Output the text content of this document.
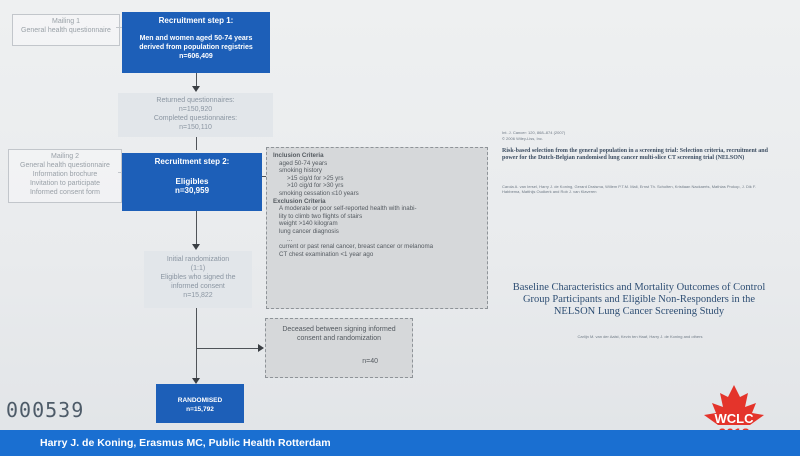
Mailing 1
General health questionnaire
Recruitment step 1:
Men and women aged 50-74 years
derived from population registries
n=606,409
Returned questionnaires:
n=150,920
Completed questionnaires:
n=150,110
Mailing 2
General health questionnaire
Information brochure
Invitation to participate
Informed consent form
Recruitment step 2:
Eligibles
n=30,959
Inclusion Criteria
aged 50-74 years
smoking history
>15 cig/d for >25 yrs
>10 cig/d for >30 yrs
smoking cessation ≤10 years
Exclusion Criteria
A moderate or poor self-reported health with inabi-
lity to climb two flights of stairs
weight >140 kilogram
lung cancer diagnosis
...
current or past renal cancer, breast cancer or melanoma
CT chest examination <1 year ago
Initial randomization
(1:1)
Eligibles who signed the
informed consent
n=15,822
Deceased between signing informed
consent and randomization
n=40
RANDOMISED
n=15,792
Int. J. Cancer: 120, 868–874 (2007)
© 2006 Wiley-Liss, Inc.
Risk-based selection from the general population in a screening trial: Selection criteria, recruitment and power for the Dutch-Belgian randomised lung cancer multi-slice CT screening trial (NELSON)
Carola A. van Iersel, Harry J. de Koning, Gerard Draisma, Willem P.T.M. Mali, Ernst Th. Scholten, Kristiaan Nackaerts, Mathias Prokop, J. Dik F. Habbema, Matthijs Oudkerk and Rob J. van Klaveren
Baseline Characteristics and Mortality Outcomes of Control Group Participants and Eligible Non-Responders in the NELSON Lung Cancer Screening Study
Carlijn M. van der Aalst, Kevin ten Haaf, Harry J. de Koning and others
000539	WCLC
Harry J. de Koning, Erasmus MC, Public Health Rotterdam
